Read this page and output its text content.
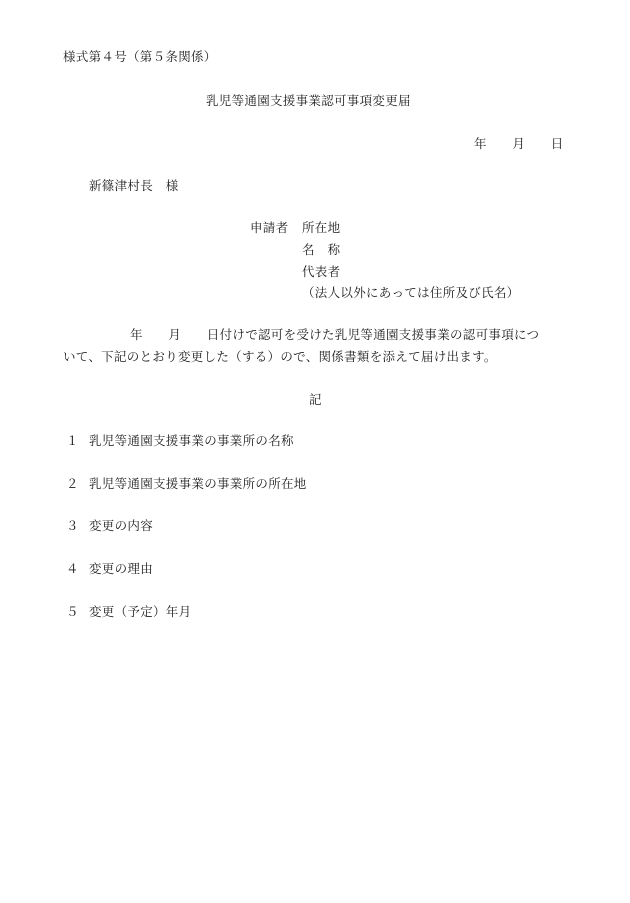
様式第４号（第５条関係）
乳児等通園支援事業認可事項変更届
年　　月　　日
新篠津村長　様
申請者 所在地
名　称
代表者
（法人以外にあっては住所及び氏名）
年　　月　　日付けで認可を受けた乳児等通園支援事業の認可事項につ
いて、下記のとおり変更した（する）ので、関係書類を添えて届け出ます。
記
１ 乳児等通園支援事業の事業所の名称
２ 乳児等通園支援事業の事業所の所在地
３ 変更の内容
４ 変更の理由
５ 変更（予定）年月
